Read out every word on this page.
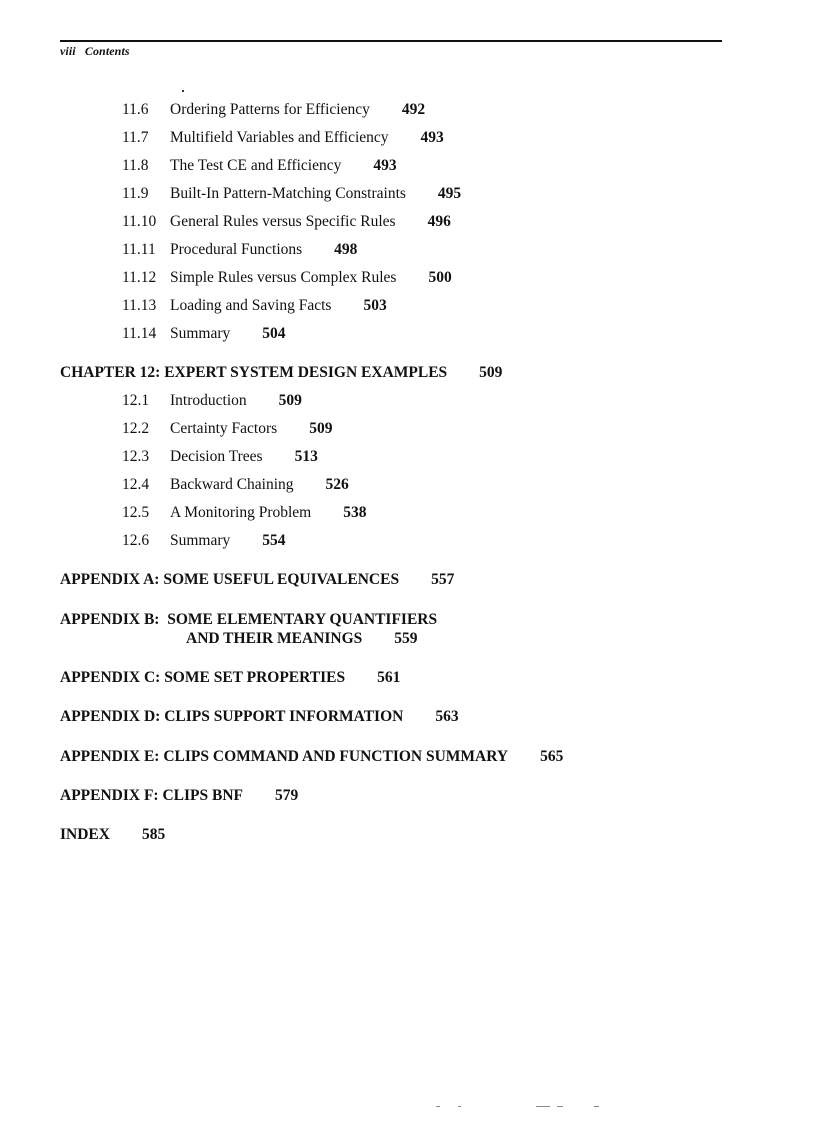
viii Contents
11.6 Ordering Patterns for Efficiency 492
11.7 Multifield Variables and Efficiency 493
11.8 The Test CE and Efficiency 493
11.9 Built-In Pattern-Matching Constraints 495
11.10 General Rules versus Specific Rules 496
11.11 Procedural Functions 498
11.12 Simple Rules versus Complex Rules 500
11.13 Loading and Saving Facts 503
11.14 Summary 504
CHAPTER 12: EXPERT SYSTEM DESIGN EXAMPLES 509
12.1 Introduction 509
12.2 Certainty Factors 509
12.3 Decision Trees 513
12.4 Backward Chaining 526
12.5 A Monitoring Problem 538
12.6 Summary 554
APPENDIX A: SOME USEFUL EQUIVALENCES 557
APPENDIX B: SOME ELEMENTARY QUANTIFIERS
AND THEIR MEANINGS 559
APPENDIX C: SOME SET PROPERTIES 561
APPENDIX D: CLIPS SUPPORT INFORMATION 563
APPENDIX E: CLIPS COMMAND AND FUNCTION SUMMARY 565
APPENDIX F: CLIPS BNF 579
INDEX 585
